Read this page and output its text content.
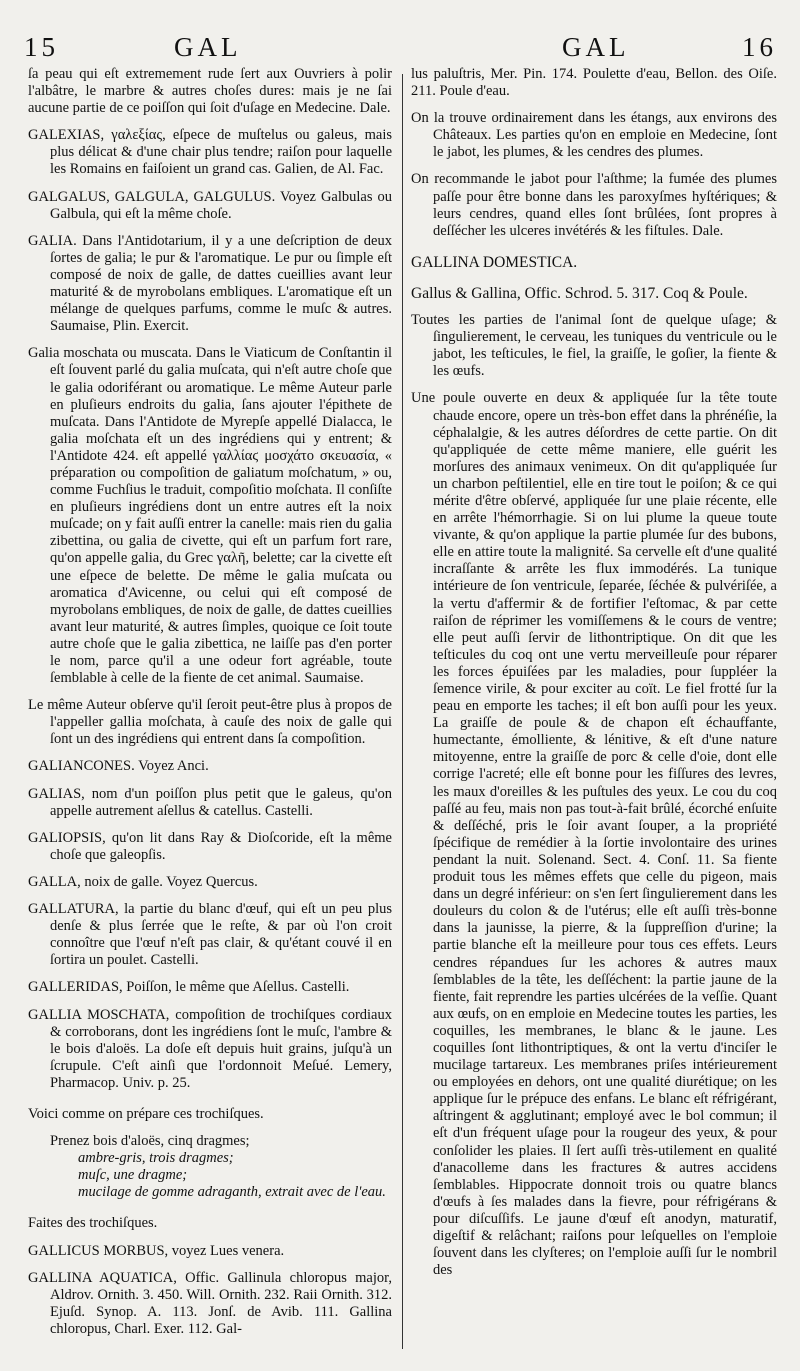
15	GAL	GAL	16

ſa peau qui eſt extremement rude ſert aux Ouvriers à polir l'albâtre, le marbre & autres choſes dures: mais je ne ſai aucune partie de ce poiſſon qui ſoit d'uſage en Medecine. Dale.

GALEXIAS, γαλεξίας, eſpece de muſtelus ou galeus, mais plus délicat & d'une chair plus tendre; raiſon pour laquelle les Romains en faiſoient un grand cas. Galien, de Al. Fac.

GALGALUS, GALGULA, GALGULUS. Voyez Galbulas ou Galbula, qui eſt la même choſe.

GALIA. Dans l'Antidotarium, il y a une deſcription de deux ſortes de galia; le pur & l'aromatique. Le pur ou ſimple eſt composé de noix de galle, de dattes cueillies avant leur maturité & de myrobolans embliques. L'aromatique eſt un mélange de quelques parfums, comme le muſc & autres. Saumaise, Plin. Exercit.

Galia moschata ou muscata. Dans le Viaticum de Conſtantin il eſt ſouvent parlé du galia muſcata, qui n'eſt autre choſe que le galia odoriférant ou aromatique. Le même Auteur parle en pluſieurs endroits du galia, ſans ajouter l'épithete de muſcata. Dans l'Antidote de Myrepſe appellé Dialacca, le galia moſchata eſt un des ingrédiens qui y entrent; & l'Antidote 424. eſt appellé γαλλίαϛ μοσχάτο σκευασία, « préparation ou compoſition de galiatum moſchatum, » ou, comme Fuchſius le traduit, compoſitio moſchata. Il conſiſte en pluſieurs ingrédiens dont un entre autres eſt la noix muſcade; on y fait auſſi entrer la canelle: mais rien du galia zibettina, ou galia de civette, qui eſt un parfum fort rare, qu'on appelle galia, du Grec γαλῆ, belette; car la civette eſt une eſpece de belette. De même le galia muſcata ou aromatica d'Avicenne, ou celui qui eſt composé de myrobolans embliques, de noix de galle, de dattes cueillies avant leur maturité, & autres ſimples, quoique ce ſoit toute autre choſe que le galia zibettica, ne laiſſe pas d'en porter le nom, parce qu'il a une odeur fort agréable, toute ſemblable à celle de la fiente de cet animal. Saumaise.

Le même Auteur obſerve qu'il ſeroit peut-être plus à propos de l'appeller gallia moſchata, à cauſe des noix de galle qui ſont un des ingrédiens qui entrent dans ſa compoſition.

GALIANCONES. Voyez Anci.

GALIAS, nom d'un poiſſon plus petit que le galeus, qu'on appelle autrement aſellus & catellus. Castelli.

GALIOPSIS, qu'on lit dans Ray & Dioſcoride, eſt la même choſe que galeopſis.

GALLA, noix de galle. Voyez Quercus.

GALLATURA, la partie du blanc d'œuf, qui eſt un peu plus denſe & plus ſerrée que le reſte, & par où l'on croit connoître que l'œuf n'eſt pas clair, & qu'étant couvé il en ſortira un poulet. Castelli.

GALLERIDAS, Poiſſon, le même que Aſellus. Castelli.

GALLIA MOSCHATA, compoſition de trochiſques cordiaux & corroborans, dont les ingrédiens ſont le muſc, l'ambre & le bois d'aloës. La doſe eſt depuis huit grains, juſqu'à un ſcrupule. C'eſt ainſi que l'ordonnoit Meſué. Lemery, Pharmacop. Univ. p. 25.

Voici comme on prépare ces trochiſques.

Prenez bois d'aloës, cinq dragmes;

ambre-gris, trois dragmes;

muſc, une dragme;

mucilage de gomme adraganth, extrait avec de l'eau.

Faites des trochiſques.

GALLICUS MORBUS, voyez Lues venera.

GALLINA AQUATICA, Offic. Gallinula chloropus major, Aldrov. Ornith. 3. 450. Will. Ornith. 232. Raii Ornith. 312. Ejuſd. Synop. A. 113. Jonſ. de Avib. 111. Gallina chloropus, Charl. Exer. 112. Gal-

lus paluſtris, Mer. Pin. 174. Poulette d'eau, Bellon. des Oiſe. 211. Poule d'eau.

On la trouve ordinairement dans les étangs, aux environs des Châteaux. Les parties qu'on en emploie en Medecine, ſont le jabot, les plumes, & les cendres des plumes.

On recommande le jabot pour l'aſthme; la fumée des plumes paſſe pour être bonne dans les paroxyſmes hyſtériques; & leurs cendres, quand elles ſont brûlées, ſont propres à deſſécher les ulceres invétérés & les fiſtules. Dale.

GALLINA DOMESTICA.

Gallus & Gallina, Offic. Schrod. 5. 317. Coq & Poule.

Toutes les parties de l'animal ſont de quelque uſage; & ſingulierement, le cerveau, les tuniques du ventricule ou le jabot, les teſticules, le fiel, la graiſſe, le goſier, la fiente & les œufs.

Une poule ouverte en deux & appliquée ſur la tête toute chaude encore, opere un très-bon effet dans la phrénéſie, la céphalalgie, & les autres déſordres de cette partie. On dit qu'appliquée de cette même maniere, elle guérit les morſures des animaux venimeux. On dit qu'appliquée ſur un charbon peſtilentiel, elle en tire tout le poiſon; & ce qui mérite d'être obſervé, appliquée ſur une plaie récente, elle en arrête l'hémorrhagie. Si on lui plume la queue toute vivante, & qu'on applique la partie plumée ſur des bubons, elle en attire toute la malignité. Sa cervelle eſt d'une qualité incraſſante & arrête les flux immodérés. La tunique intérieure de ſon ventricule, ſeparée, ſéchée & pulvériſée, a la vertu d'affermir & de fortifier l'eſtomac, & par cette raiſon de réprimer les vomiſſemens & le cours de ventre; elle peut auſſi ſervir de lithontriptique. On dit que les teſticules du coq ont une vertu merveilleuſe pour réparer les forces épuiſées par les maladies, pour ſuppléer la ſemence virile, & pour exciter au coït. Le fiel frotté ſur la peau en emporte les taches; il eſt bon auſſi pour les yeux. La graiſſe de poule & de chapon eſt échauffante, humectante, émolliente, & lénitive, & eſt d'une nature mitoyenne, entre la graiſſe de porc & celle d'oie, dont elle corrige l'acreté; elle eſt bonne pour les fiſſures des levres, les maux d'oreilles & les puſtules des yeux. Le cou du coq paſſé au feu, mais non pas tout-à-fait brûlé, écorché enſuite & deſſéché, pris le ſoir avant ſouper, a la propriété ſpécifique de remédier à la ſortie involontaire des urines pendant la nuit. Solenand. Sect. 4. Conſ. 11. Sa fiente produit tous les mêmes effets que celle du pigeon, mais dans un degré inférieur: on s'en ſert ſingulierement dans les douleurs du colon & de l'utérus; elle eſt auſſi très-bonne dans la jaunisse, la pierre, & la ſuppreſſion d'urine; la partie blanche eſt la meilleure pour tous ces effets. Leurs cendres répandues ſur les achores & autres maux ſemblables de la tête, les deſſéchent: la partie jaune de la fiente, fait reprendre les parties ulcérées de la veſſie. Quant aux œufs, on en emploie en Medecine toutes les parties, les coquilles, les membranes, le blanc & le jaune. Les coquilles ſont lithontriptiques, & ont la vertu d'inciſer le mucilage tartareux. Les membranes priſes intérieurement ou employées en dehors, ont une qualité diurétique; on les applique ſur le prépuce des enfans. Le blanc eſt réfrigérant, aſtringent & agglutinant; employé avec le bol commun; il eſt d'un fréquent uſage pour la rougeur des yeux, & pour conſolider les plaies. Il ſert auſſi très-utilement en qualité d'anacolleme dans les fractures & autres accidens ſemblables. Hippocrate donnoit trois ou quatre blancs d'œufs à ſes malades dans la fievre, pour réfrigérans & pour diſcuſſifs. Le jaune d'œuf eſt anodyn, maturatif, digeſtif & relâchant; raiſons pour leſquelles on l'emploie ſouvent dans les clyſteres; on l'emploie auſſi ſur le nombril des
